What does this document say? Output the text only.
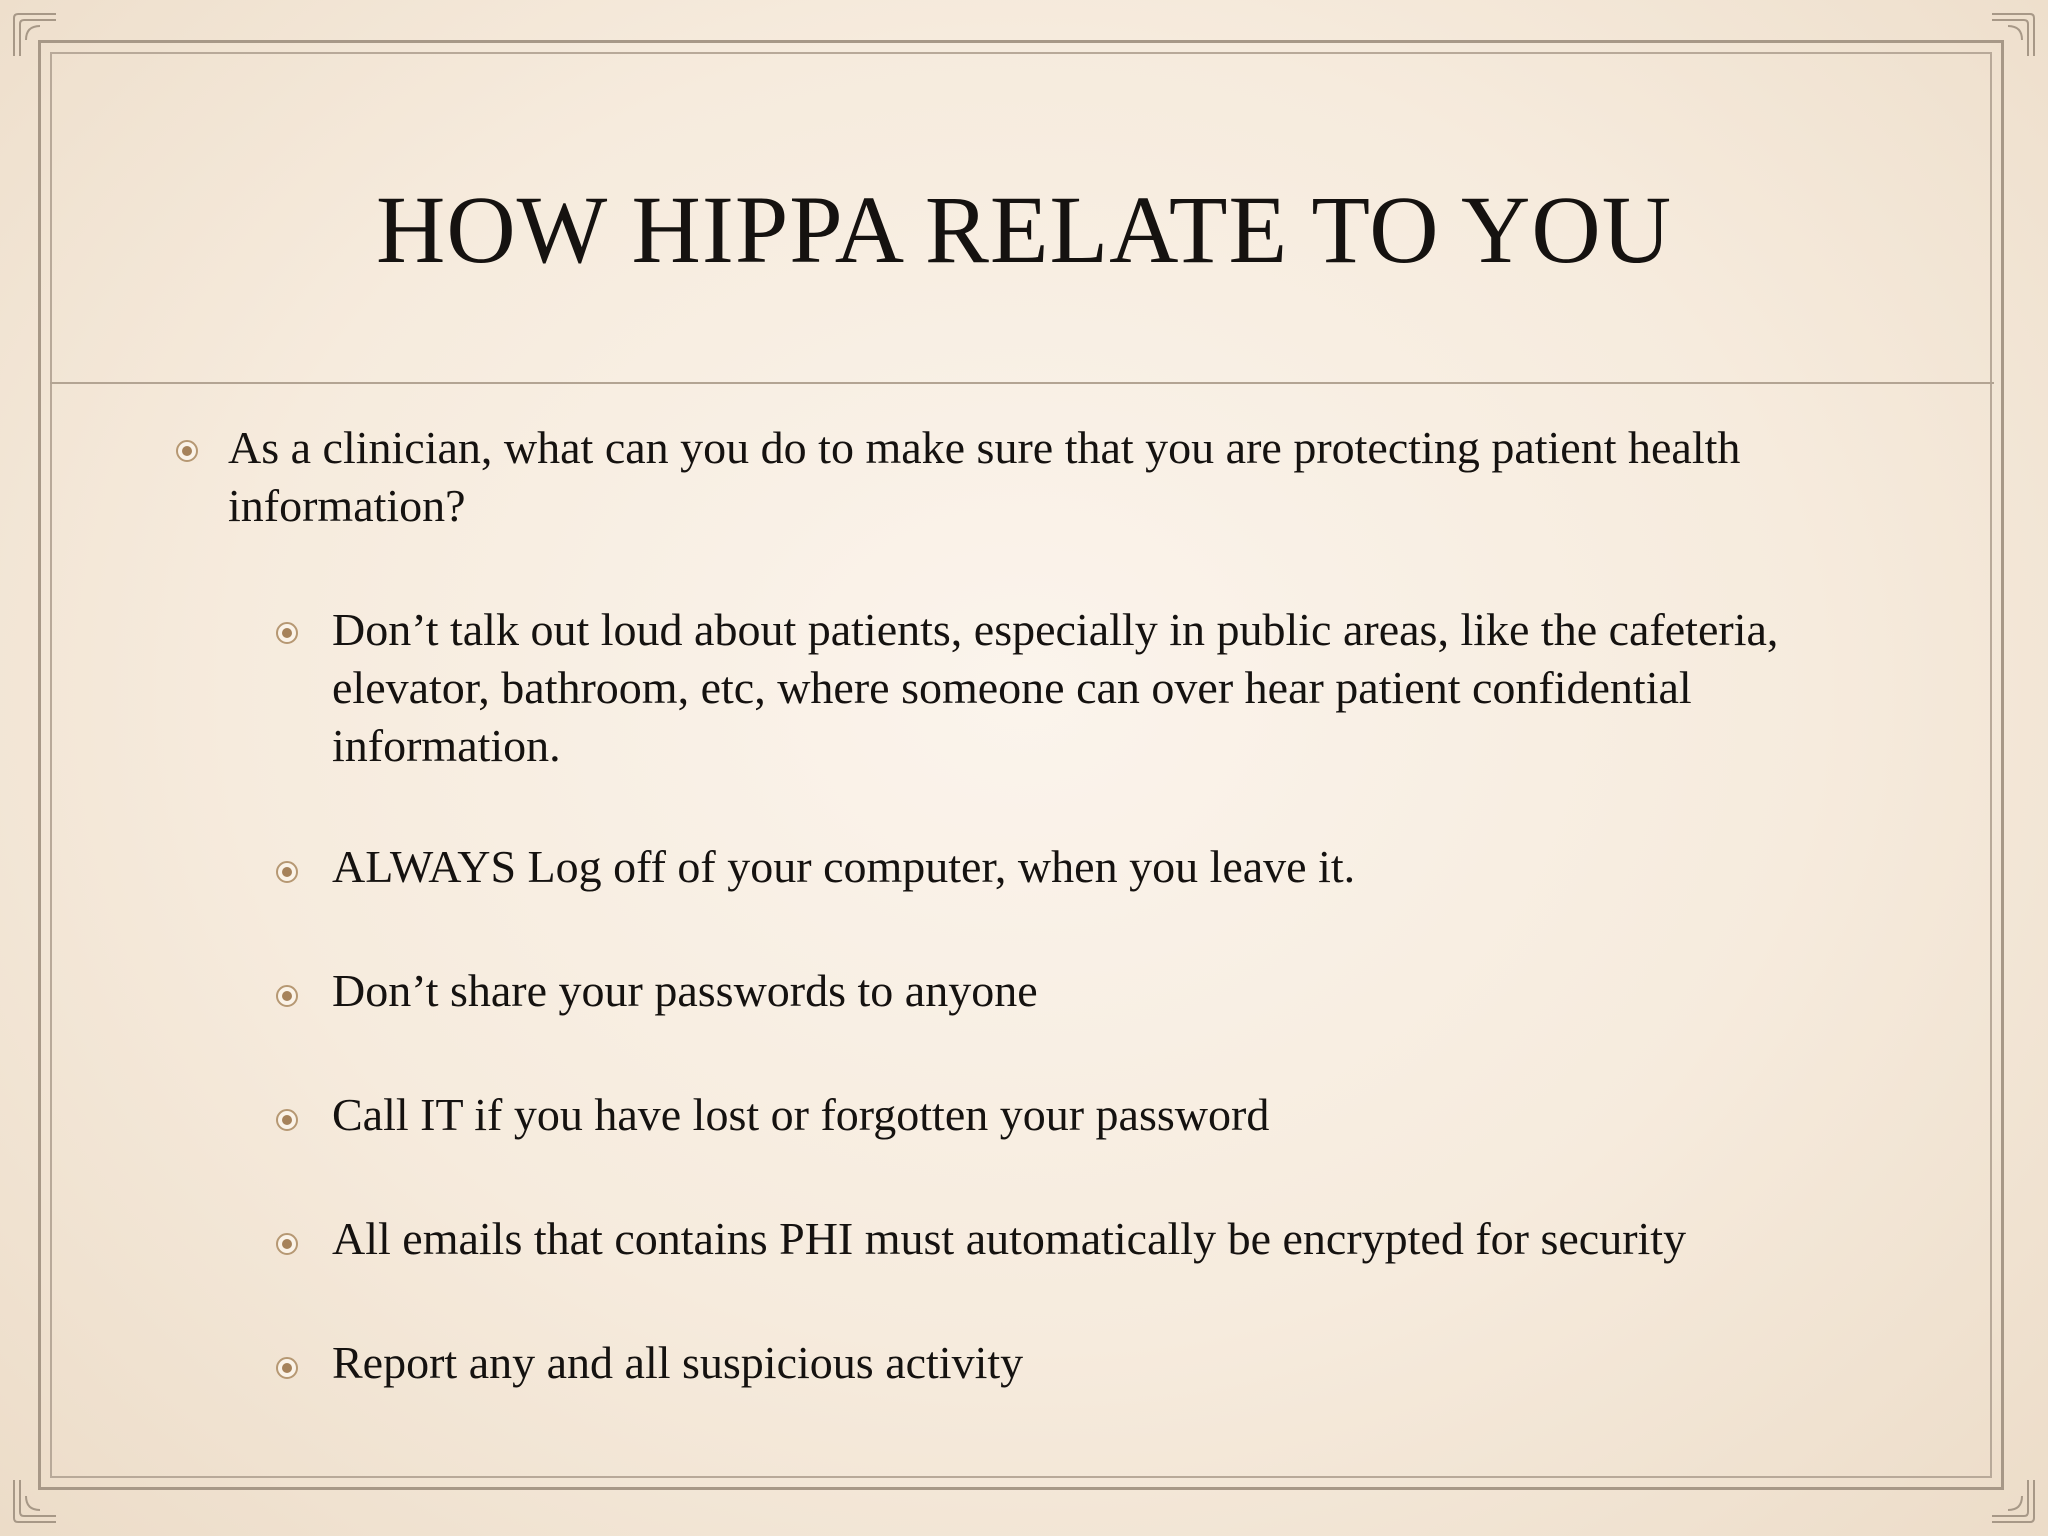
HOW HIPPA RELATE TO YOU

As a clinician, what can you do to make sure that you are protecting patient health information?

Don’t talk out loud about patients, especially in public areas, like the cafeteria, elevator, bathroom, etc, where someone can over hear patient confidential information.

ALWAYS Log off of your computer, when you leave it.

Don’t share your passwords to anyone

Call IT if you have lost or forgotten your password

All emails that contains PHI must automatically be encrypted for security

Report any and all suspicious activity
